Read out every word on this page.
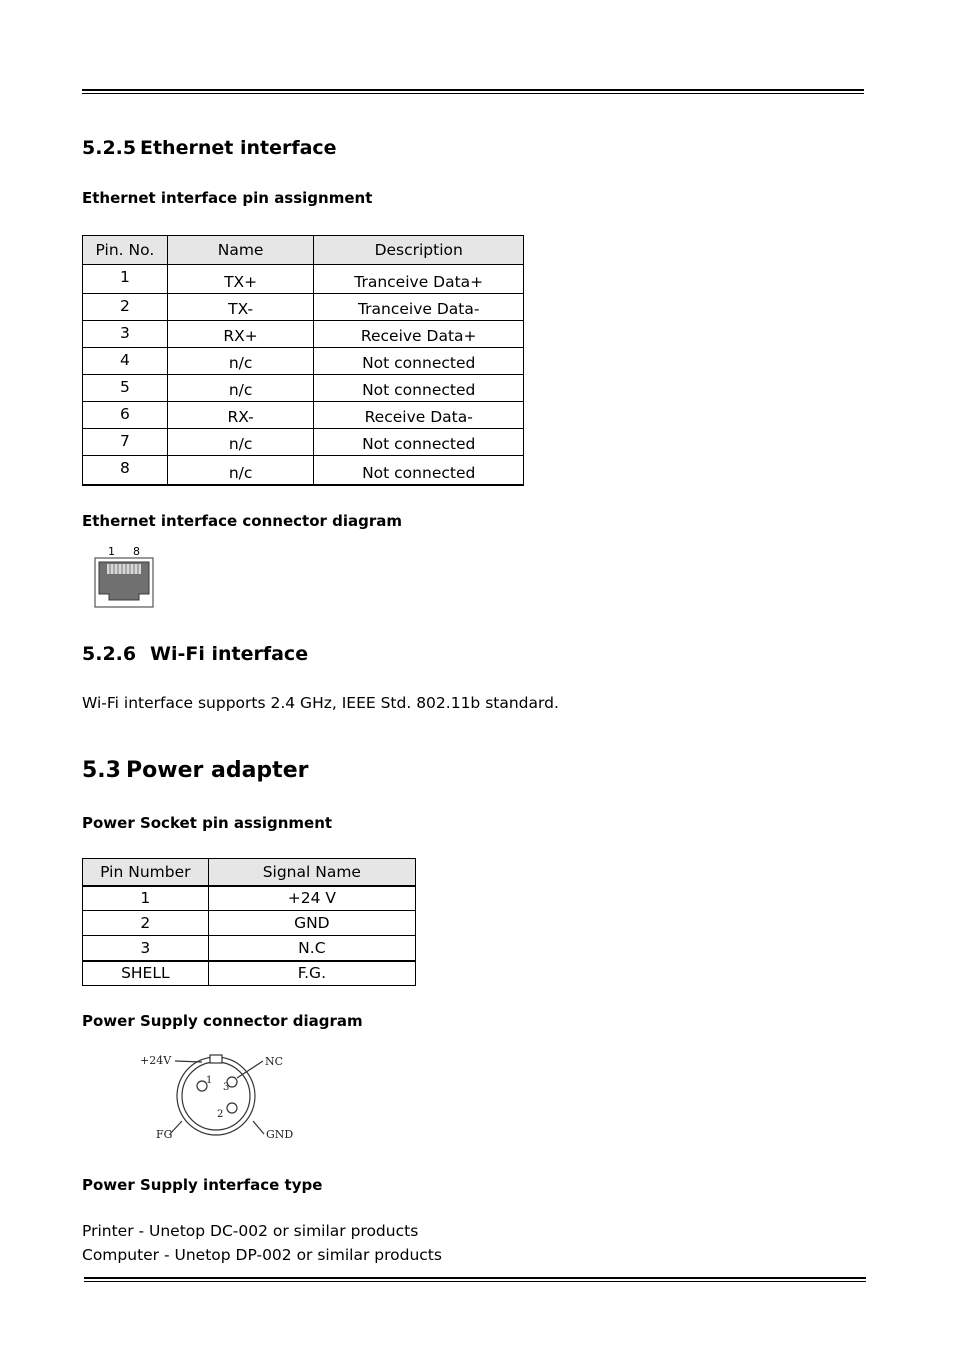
5.2.5 Ethernet interface
Ethernet interface pin assignment
Pin. No.	Name	Description
1	TX+	Tranceive Data+
2	TX-	Tranceive Data-
3	RX+	Receive Data+
4	n/c	Not connected
5	n/c	Not connected
6	RX-	Receive Data-
7	n/c	Not connected
8	n/c	Not connected
Ethernet interface connector diagram
1 8
5.2.6 Wi-Fi interface
Wi-Fi interface supports 2.4 GHz, IEEE Std. 802.11b standard.
5.3 Power adapter
Power Socket pin assignment
Pin Number	Signal Name
1	+24 V
2	GND
3	N.C
SHELL	F.G.
Power Supply connector diagram
+24V	NC
FG	GND
1
2
3
Power Supply interface type
Printer - Unetop DC-002 or similar products
Computer - Unetop DP-002 or similar products
